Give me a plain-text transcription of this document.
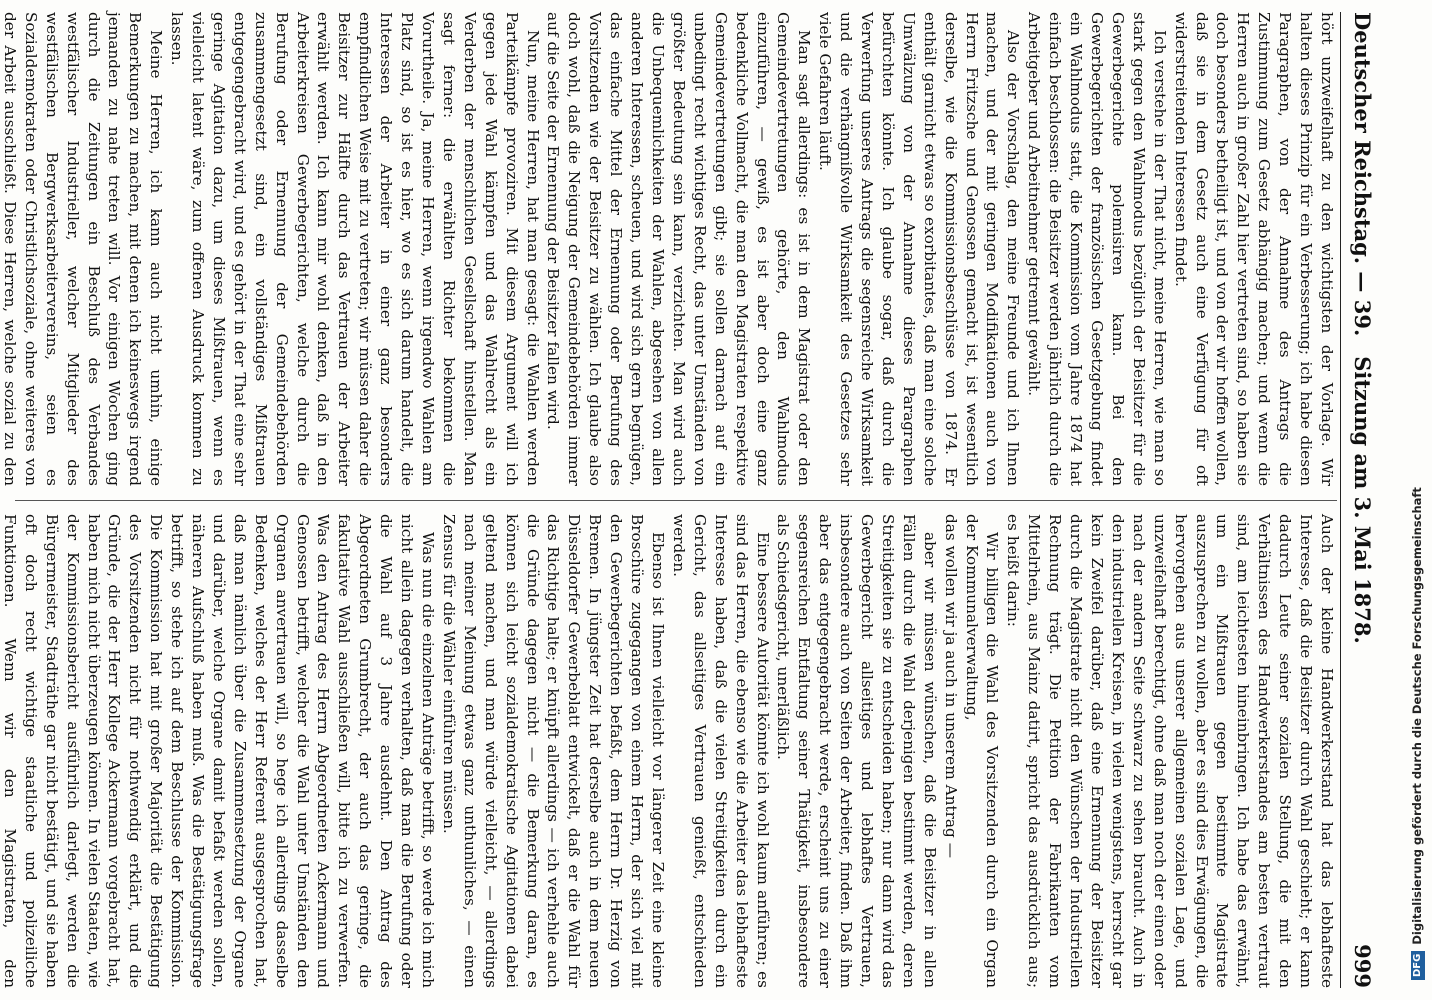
Deutscher Reichstag. — 39.
Sitzung am 3. Mai 1878.
999

hört unzweifelhaft zu den wichtigsten der Vorlage. Wir halten dieses Prinzip für ein Verbesserung; ich habe diesen Paragraphen, von der Annahme des Antrags die Zustimmung zum Gesetz abhängig machen; und wenn die Herren auch in großer Zahl hier vertreten sind, so haben sie doch besonders betheiligt ist, und von der wir hoffen wollen, daß sie in dem Gesetz auch eine Verfügung für oft widerstreitenden Interessen findet.

Ich verstehe in der That nicht, meine Herren, wie man so stark gegen den Wahlmodus bezüglich der Beisitzer für die Gewerbegerichte polemisiren kann. Bei den Gewerbegerichten der französischen Gesetzgebung findet ein Wahlmodus statt, die Kommission vom Jahre 1874 hat einfach beschlossen: die Beisitzer werden jährlich durch die Arbeitgeber und Arbeitnehmer getrennt gewählt.

Also der Vorschlag, den meine Freunde und ich Ihnen machen, und der mit geringen Modifikationen auch von Herrn Fritzsche und Genossen gemacht ist, ist wesentlich derselbe, wie die Kommissionsbeschlüsse von 1874. Er enthält garnicht etwas so exorbitantes, daß man eine solche Umwälzung von der Annahme dieses Paragraphen befürchten könnte. Ich glaube sogar, daß durch die Verwerfung unseres Antrags die segensreiche Wirksamkeit und die verhängnißvolle Wirksamkeit des Gesetzes sehr viele Gefahren läuft.

Man sagt allerdings: es ist in dem Magistrat oder den Gemeindevertretungen gehörte, den Wahlmodus einzuführen, — gewiß, es ist aber doch eine ganz bedenkliche Vollmacht, die man den Magistraten respektive Gemeindevertretungen gibt; sie sollen darnach auf ein unbedingt recht wichtiges Recht, das unter Umständen von größter Bedeutung sein kann, verzichten. Man wird auch die Unbequemlichkeiten der Wahlen, abgesehen von allen anderen Interessen, scheuen, und wird sich gern begnügen, das einfache Mittel der Ernennung oder Berufung des Vorsitzenden wie der Beisitzer zu wählen. Ich glaube also doch wohl, daß die Neigung der Gemeindebehörden immer auf die Seite der Ernennung der Beisitzer fallen wird.

Nun, meine Herren, hat man gesagt: die Wahlen werden Parteikämpfe provoziren. Mit diesem Argument will ich gegen jede Wahl kämpfen und das Wahlrecht als ein Verderben der menschlichen Gesellschaft hinstellen. Man sagt ferner: die erwählten Richter bekommen die Vorurtheile. Ja, meine Herren, wenn irgendwo Wahlen am Platz sind, so ist es hier, wo es sich darum handelt, die Interessen der Arbeiter in einer ganz besonders empfindlichen Weise mit zu vertreten; wir müssen daher die Beisitzer zur Hälfte durch das Vertrauen der Arbeiter erwählt werden. Ich kann mir wohl denken, daß in den Arbeiterkreisen Gewerbegerichten, welche durch die Berufung oder Ernennung der Gemeindebehörden zusammengesetzt sind, ein vollständiges Mißtrauen entgegengebracht wird, und es gehört in der That eine sehr geringe Agitation dazu, um dieses Mißtrauen, wenn es vielleicht latent wäre, zum offenen Ausdruck kommen zu lassen.

Meine Herren, ich kann auch nicht umhin, einige Bemerkungen zu machen, mit denen ich keineswegs irgend jemanden zu nahe treten will. Vor einigen Wochen ging durch die Zeitungen ein Beschluß des Verbandes westfälischer Industrieller, welcher Mitglieder des westfälischen Bergwerksarbeitervereins, seien es Sozialdemokraten oder Christlichsoziale, ohne weiteres von der Arbeit ausschließt. Diese Herren, welche sozial zu den

Auch der kleine Handwerkerstand hat das lebhafteste Interesse, daß die Beisitzer durch Wahl geschieht; er kann dadurch Leute seiner sozialen Stellung, die mit den Verhältnissen des Handwerkerstandes am besten vertraut sind, am leichtesten hineinbringen. Ich habe das erwähnt, um ein Mißtrauen gegen bestimmte Magistrate auszusprechen zu wollen, aber es sind dies Erwägungen, die hervorgehen aus unserer allgemeinen sozialen Lage, und unzweifelhaft berechtigt, ohne daß man noch der einen oder nach der andern Seite schwarz zu sehen braucht. Auch in den industriellen Kreisen, in vielen wenigstens, herrscht gar kein Zweifel darüber, daß eine Ernennung der Beisitzer durch die Magistrate nicht den Wünschen der Industriellen Rechnung trägt. Die Petition der Fabrikanten vom Mittelrhein, aus Mainz datirt, spricht das ausdrücklich aus; es heißt darin:

Wir billigen die Wahl des Vorsitzenden durch ein Organ der Kommunalverwaltung,

das wollen wir ja auch in unserem Antrag —

aber wir müssen wünschen, daß die Beisitzer in allen Fällen durch die Wahl derjenigen bestimmt werden, deren Streitigkeiten sie zu entscheiden haben; nur dann wird das Gewerbegericht allseitiges und lebhaftes Vertrauen, insbesondere auch von Seiten der Arbeiter, finden. Daß ihm aber das entgegengebracht werde, erscheint uns zu einer segensreichen Entfaltung seiner Thätigkeit, insbesondere als Schiedsgericht, unerläßlich.

Eine bessere Autorität könnte ich wohl kaum anführen; es sind das Herren, die ebenso wie die Arbeiter das lebhafteste Interesse haben, daß die vielen Streitigkeiten durch ein Gericht, das allseitiges Vertrauen genießt, entschieden werden.

Ebenso ist Ihnen vielleicht vor längerer Zeit eine kleine Broschüre zugegangen von einem Herrn, der sich viel mit den Gewerbegerichten befaßt, dem Herrn Dr. Herzig von Bremen. In jüngster Zeit hat derselbe auch in dem neuen Düsseldorfer Gewerbeblatt entwickelt, daß er die Wahl für das Richtige halte; er knüpft allerdings — ich verhehle auch die Gründe dagegen nicht — die Bemerkung daran, es können sich leicht sozialdemokratische Agitationen dabei geltend machen, und man würde vielleicht, — allerdings nach meiner Meinung etwas ganz unthunliches, — einen Zensus für die Wähler einführen müssen.

Was nun die einzelnen Anträge betrifft, so werde ich mich nicht allein dagegen verhalten, daß man die Berufung oder die Wahl auf 3 Jahre ausdehnt. Den Antrag des Abgeordneten Grumbrecht, der auch das geringe, die fakultative Wahl ausschließen will, bitte ich zu verwerfen. Was den Antrag des Herrn Abgeordneten Ackermann und Genossen betrifft, welcher die Wahl unter Umständen den Organen anvertrauen will, so hege ich allerdings dasselbe Bedenken, welches der Herr Referent ausgesprochen hat, daß man nämlich über die Zusammensetzung der Organe und darüber, welche Organe damit befaßt werden sollen, näheren Aufschluß haben muß. Was die Bestätigungsfrage betrifft, so stehe ich auf dem Beschlusse der Kommission. Die Kommission hat mit großer Majorität die Bestätigung des Vorsitzenden nicht für nothwendig erklärt, und die Gründe, die der Herr Kollege Ackermann vorgebracht hat, haben mich nicht überzeugen können. In vielen Staaten, wie der Kommissionsbericht ausführlich darlegt, werden die Bürgermeister, Stadträthe gar nicht bestätigt, und sie haben oft doch recht wichtige staatliche und polizeiliche Funktionen. Wenn wir den Magistraten, den	DFGDigitalisierung gefördert durch die Deutsche Forschungsgemeinschaft
